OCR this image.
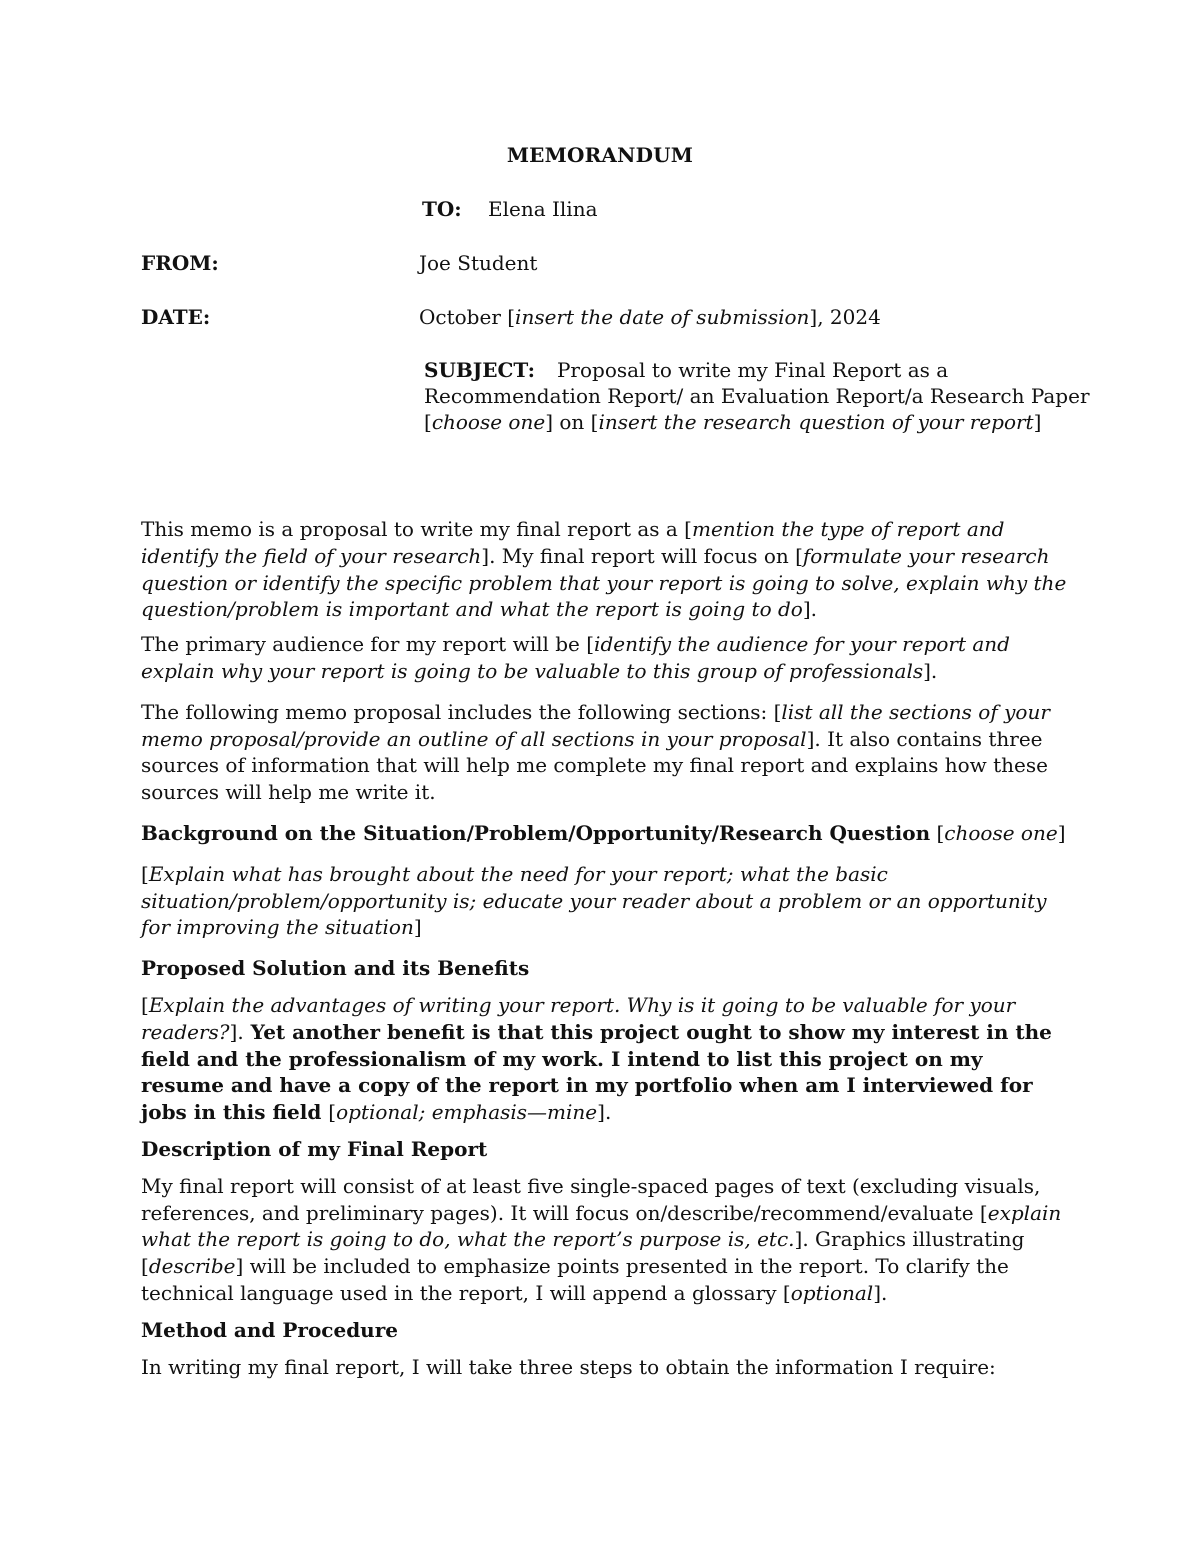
MEMORANDUM
TO: Elena Ilina
FROM:	Joe Student
DATE:	October [insert the date of submission], 2024
SUBJECT: Proposal to write my Final Report as a Recommendation Report/ an Evaluation Report/a Research Paper [choose one] on [insert the research question of your report]

This memo is a proposal to write my final report as a [mention the type of report and identify the field of your research]. My final report will focus on [formulate your research question or identify the specific problem that your report is going to solve, explain why the question/problem is important and what the report is going to do].

The primary audience for my report will be [identify the audience for your report and explain why your report is going to be valuable to this group of professionals].

The following memo proposal includes the following sections: [list all the sections of your memo proposal/provide an outline of all sections in your proposal]. It also contains three sources of information that will help me complete my final report and explains how these sources will help me write it.

Background on the Situation/Problem/Opportunity/Research Question [choose one]

[Explain what has brought about the need for your report; what the basic situation/problem/opportunity is; educate your reader about a problem or an opportunity for improving the situation]

Proposed Solution and its Benefits

[Explain the advantages of writing your report. Why is it going to be valuable for your readers?]. Yet another benefit is that this project ought to show my interest in the field and the professionalism of my work. I intend to list this project on my resume and have a copy of the report in my portfolio when am I interviewed for jobs in this field [optional; emphasis—mine].

Description of my Final Report

My final report will consist of at least five single-spaced pages of text (excluding visuals, references, and preliminary pages). It will focus on/describe/recommend/evaluate [explain what the report is going to do, what the report’s purpose is, etc.]. Graphics illustrating [describe] will be included to emphasize points presented in the report. To clarify the technical language used in the report, I will append a glossary [optional].

Method and Procedure

In writing my final report, I will take three steps to obtain the information I require:
